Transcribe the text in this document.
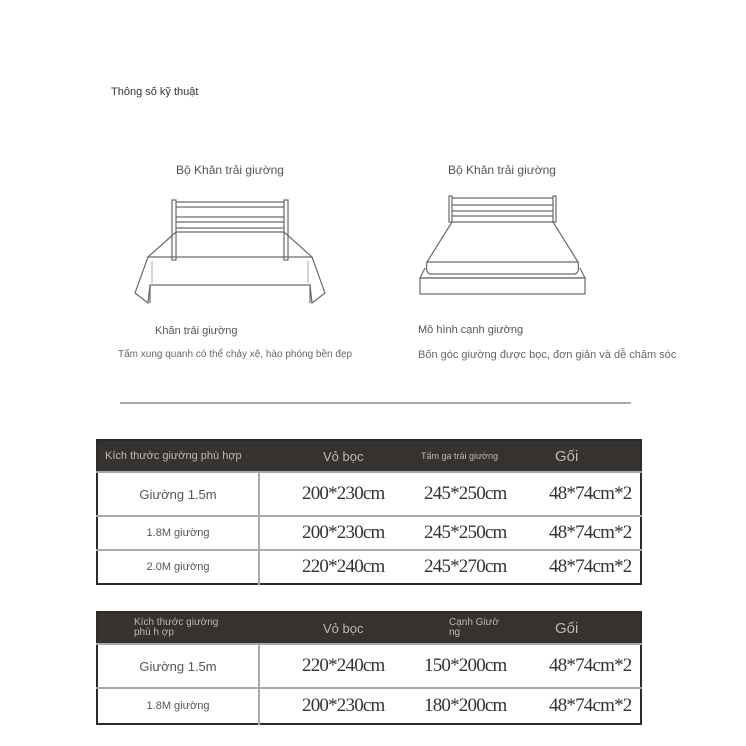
Thông số kỹ thuật
Bộ Khăn trải giường
Khăn trải giường
Tấm xung quanh có thể chảy xệ, hào phóng bền đẹp
Bộ Khăn trải giường
Mô hình cạnh giường
Bốn góc giường được bọc, đơn giản và dễ chăm sóc
Kích thước giường phù hợp	Vỏ bọc	Tấm ga trải giường	Gối
Giường 1.5m	200*230cm	245*250cm	48*74cm*2
1.8M giường	200*230cm	245*250cm	48*74cm*2
2.0M giường	220*240cm	245*270cm	48*74cm*2
Kích thước giường phù h ợp	Vỏ bọc	Cạnh Giườ ng	Gối
Giường 1.5m	220*240cm	150*200cm	48*74cm*2
1.8M giường	200*230cm	180*200cm	48*74cm*2
